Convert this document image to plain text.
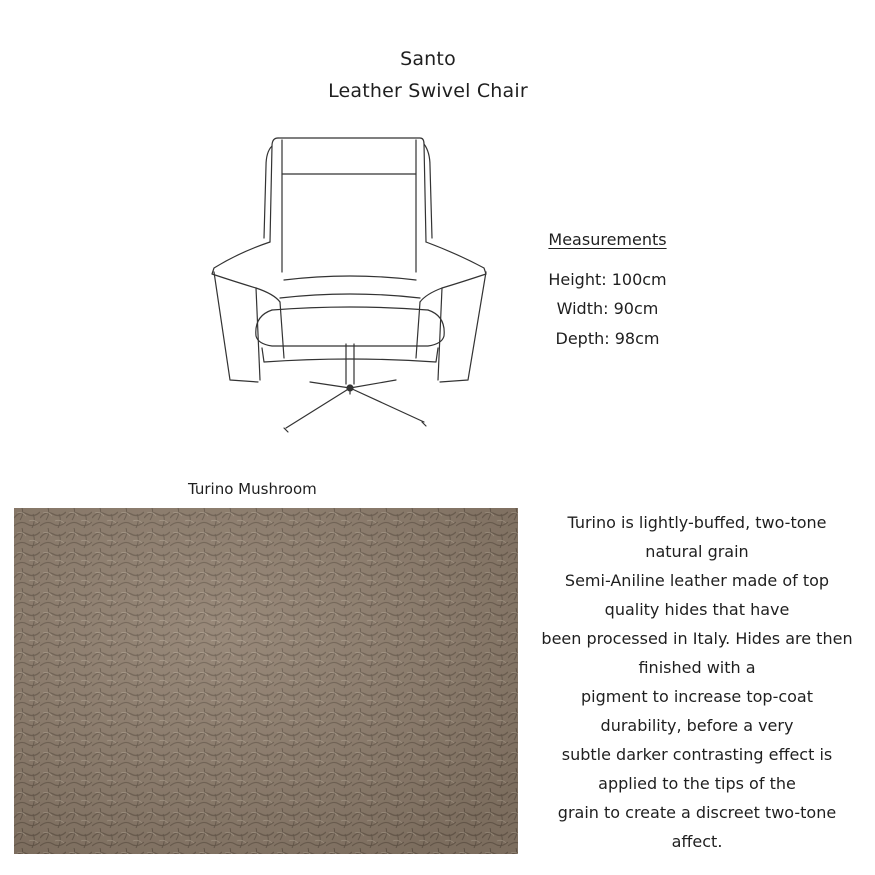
Santo
Leather Swivel Chair
Measurements
Height: 100cm
Width: 90cm
Depth: 98cm
Turino Mushroom
Turino is lightly-buffed, two-tone
natural grain
Semi-Aniline leather made of top
quality hides that have
been processed in Italy. Hides are then
finished with a
pigment to increase top-coat
durability, before a very
subtle darker contrasting effect is
applied to the tips of the
grain to create a discreet two-tone
affect.
